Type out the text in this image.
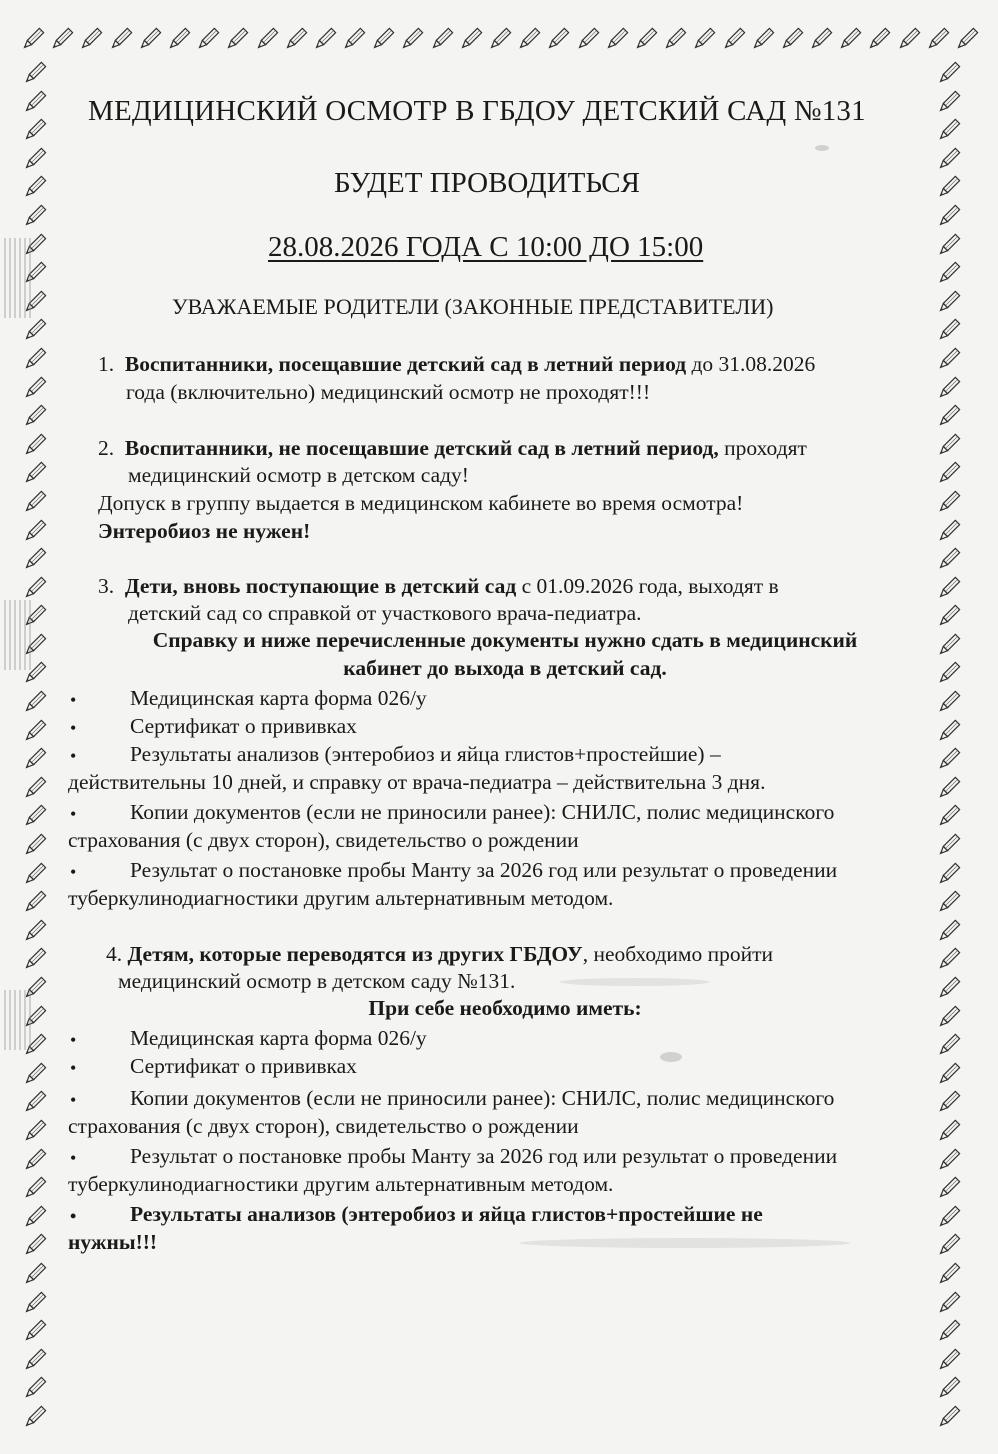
МЕДИЦИНСКИЙ ОСМОТР В ГБДОУ ДЕТСКИЙ САД №131
БУДЕТ ПРОВОДИТЬСЯ
28.08.2026 ГОДА С 10:00 ДО 15:00
УВАЖАЕМЫЕ РОДИТЕЛИ (ЗАКОННЫЕ ПРЕДСТАВИТЕЛИ)
1. Воспитанники, посещавшие детский сад в летний период до 31.08.2026
года (включительно) медицинский осмотр не проходят!!!
2. Воспитанники, не посещавшие детский сад в летний период, проходят
медицинский осмотр в детском саду!
Допуск в группу выдается в медицинском кабинете во время осмотра!
Энтеробиоз не нужен!
3. Дети, вновь поступающие в детский сад с 01.09.2026 года, выходят в
детский сад со справкой от участкового врача-педиатра.
Справку и ниже перечисленные документы нужно сдать в медицинский
кабинет до выхода в детский сад.
• Медицинская карта форма 026/у
• Сертификат о прививках
• Результаты анализов (энтеробиоз и яйца глистов+простейшие) –
действительны 10 дней, и справку от врача-педиатра – действительна 3 дня.
• Копии документов (если не приносили ранее): СНИЛС, полис медицинского
страхования (с двух сторон), свидетельство о рождении
• Результат о постановке пробы Манту за 2026 год или результат о проведении
туберкулинодиагностики другим альтернативным методом.
4. Детям, которые переводятся из других ГБДОУ, необходимо пройти
медицинский осмотр в детском саду №131.
При себе необходимо иметь:
• Медицинская карта форма 026/у
• Сертификат о прививках
• Копии документов (если не приносили ранее): СНИЛС, полис медицинского
страхования (с двух сторон), свидетельство о рождении
• Результат о постановке пробы Манту за 2026 год или результат о проведении
туберкулинодиагностики другим альтернативным методом.
• Результаты анализов (энтеробиоз и яйца глистов+простейшие не
нужны!!!
